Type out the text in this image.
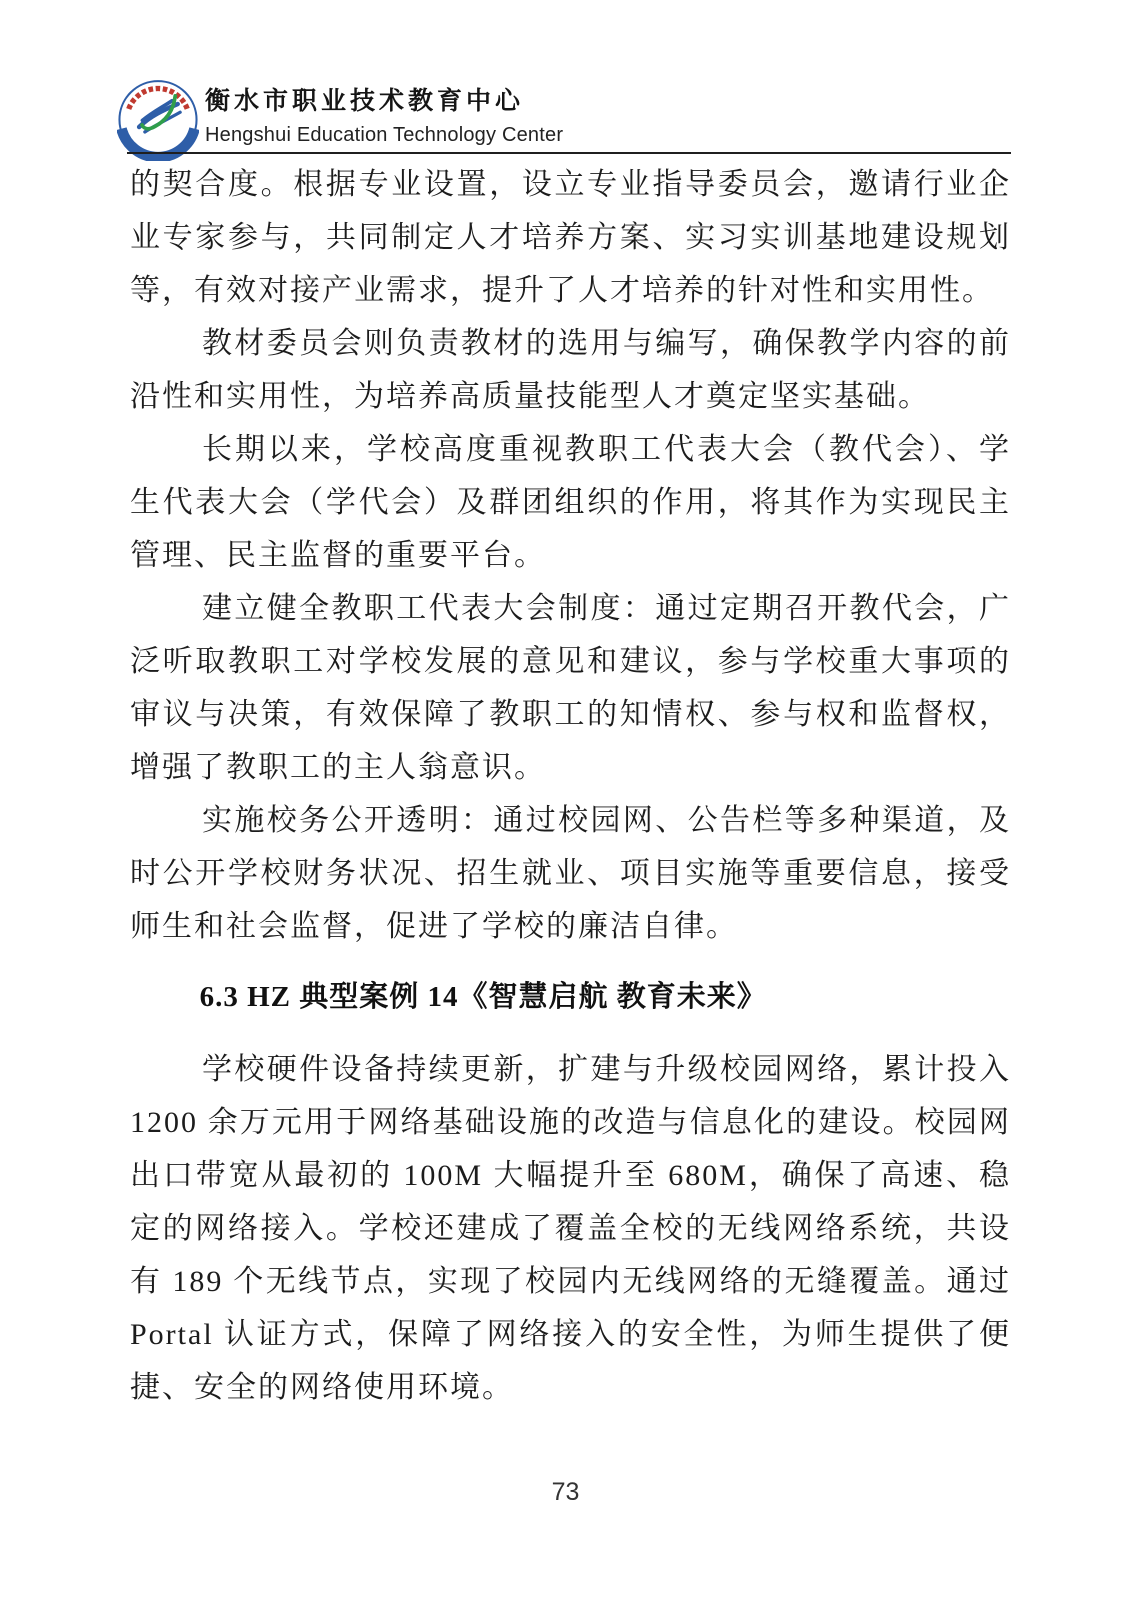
衡水市职业技术教育中心
Hengshui Education Technology Center

的契合度。根据专业设置，设立专业指导委员会，邀请行业企业专家参与，共同制定人才培养方案、实习实训基地建设规划等，有效对接产业需求，提升了人才培养的针对性和实用性。

教材委员会则负责教材的选用与编写，确保教学内容的前沿性和实用性，为培养高质量技能型人才奠定坚实基础。

长期以来，学校高度重视教职工代表大会（教代会）、学生代表大会（学代会）及群团组织的作用，将其作为实现民主管理、民主监督的重要平台。

建立健全教职工代表大会制度：通过定期召开教代会，广泛听取教职工对学校发展的意见和建议，参与学校重大事项的审议与决策，有效保障了教职工的知情权、参与权和监督权，增强了教职工的主人翁意识。

实施校务公开透明：通过校园网、公告栏等多种渠道，及时公开学校财务状况、招生就业、项目实施等重要信息，接受师生和社会监督，促进了学校的廉洁自律。

6.3 HZ 典型案例 14《智慧启航 教育未来》

学校硬件设备持续更新，扩建与升级校园网络，累计投入 1200 余万元用于网络基础设施的改造与信息化的建设。校园网出口带宽从最初的 100M 大幅提升至 680M，确保了高速、稳定的网络接入。学校还建成了覆盖全校的无线网络系统，共设有 189 个无线节点，实现了校园内无线网络的无缝覆盖。通过 Portal 认证方式，保障了网络接入的安全性，为师生提供了便捷、安全的网络使用环境。

73
